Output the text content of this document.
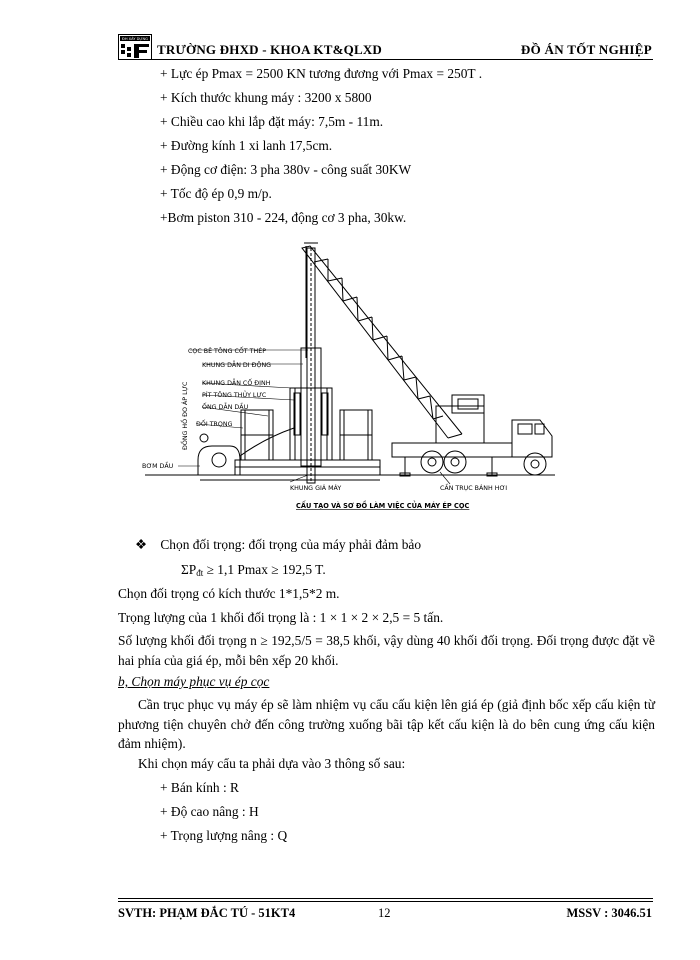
ĐH XÂY DỰNG
TRƯỜNG ĐHXD - KHOA KT&QLXD	ĐỒ ÁN TỐT NGHIỆP
+ Lực ép Pmax = 2500 KN tương đương với Pmax = 250T .
+ Kích thước khung máy : 3200 x 5800
+ Chiều cao khi lắp đặt máy: 7,5m - 11m.
+ Đường kính 1 xi lanh 17,5cm.
+ Động cơ điện: 3 pha 380v - công suất 30KW
+ Tốc độ ép 0,9 m/p.
+Bơm piston 310 - 224, động cơ 3 pha, 30kw.
CỌC BÊ TÔNG CỐT THÉP
KHUNG DẪN DI ĐỘNG
KHUNG DẪN CỐ ĐỊNH
PÍT TÔNG THỦY LỰC
ỐNG DẪN DẦU
ĐỐI TRỌNG
ĐỒNG HỒ ĐO ÁP LỰC
BƠM DẦU
KHUNG GIÁ MÁY	CẦN TRỤC BÁNH HƠI
CẤU TẠO VÀ SƠ ĐỒ LÀM VIỆC CỦA MÁY ÉP CỌC
❖ Chọn đối trọng: đối trọng của máy phải đảm bảo
$\Sigma P_{đt} \ge 1,1$ Pmax ≥ 192,5 T.
Chọn đối trọng có kích thước 1*1,5*2 m.
Trọng lượng của 1 khối đối trọng là : 1 × 1 × 2 × 2,5 = 5 tấn.
Số lượng khối đối trọng n ≥ 192,5/5 = 38,5 khối, vậy dùng 40 khối đối trọng. Đối trọng được đặt về hai phía của giá ép, mỗi bên xếp 20 khối.
b, Chọn máy phục vụ ép cọc
Cần trục phục vụ máy ép sẽ làm nhiệm vụ cẩu cấu kiện lên giá ép (giả định bốc xếp cấu kiện từ phương tiện chuyên chở đến công trường xuống bãi tập kết cấu kiện là do bên cung ứng cấu kiện đảm nhiệm).
Khi chọn máy cẩu ta phải dựa vào 3 thông số sau:
+ Bán kính : R
+ Độ cao nâng : H
+ Trọng lượng nâng : Q
SVTH: PHẠM ĐẮC TÚ - 51KT4	12	MSSV : 3046.51
